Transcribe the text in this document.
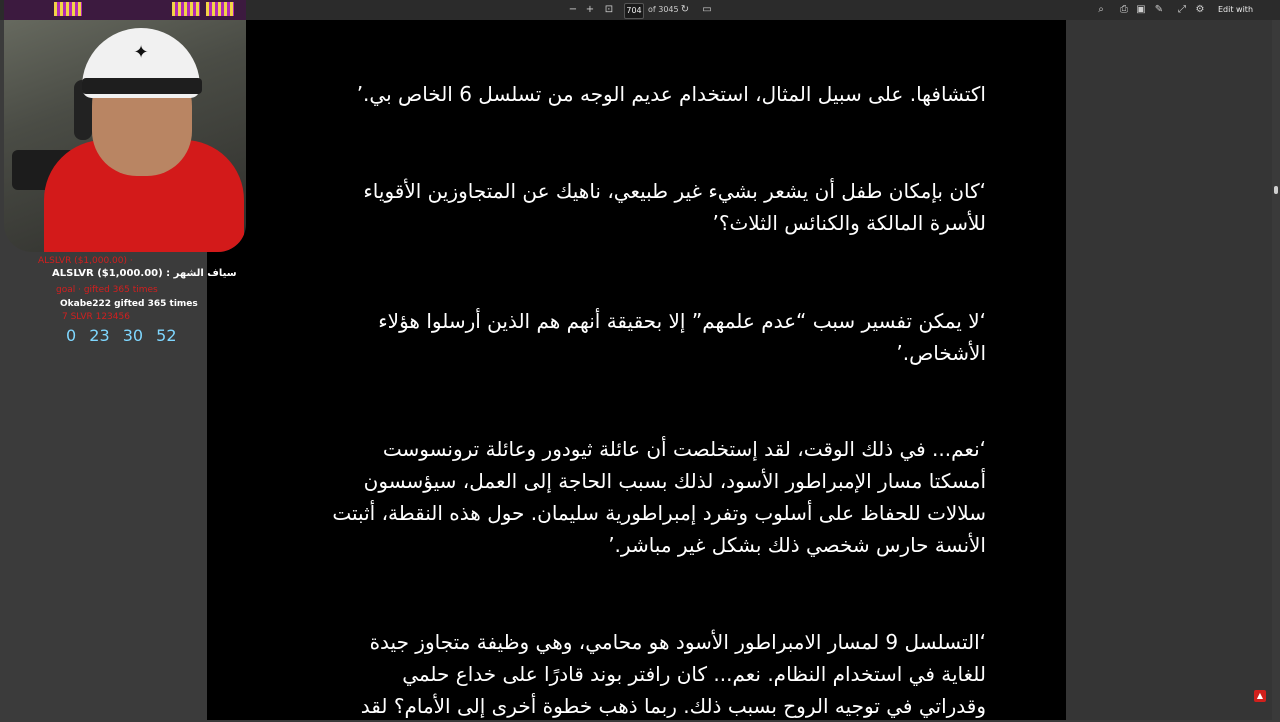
− + ⊡	704 of 3045 ↻ ▭	⌕	⎙ ▣ ✎	⤢ ⚙	Edit with
▲
اكتشافها. على سبيل المثال، استخدام عديم الوجه من تسلسل 6 الخاص بي.’
‘كان بإمكان طفل أن يشعر بشيء غير طبيعي، ناهيك عن المتجاوزين الأقوياء
للأسرة المالكة والكنائس الثلاث؟’
‘لا يمكن تفسير سبب “عدم علمهم” إلا بحقيقة أنهم هم الذين أرسلوا هؤلاء
الأشخاص.’
‘نعم... في ذلك الوقت، لقد إستخلصت أن عائلة ثيودور وعائلة ترونسوست
أمسكتا مسار الإمبراطور الأسود، لذلك بسبب الحاجة إلى العمل، سيؤسسون
سلالات للحفاظ على أسلوب وتفرد إمبراطورية سليمان. حول هذه النقطة، أثبتت
الأنسة حارس شخصي ذلك بشكل غير مباشر.’
‘التسلسل 9 لمسار الامبراطور الأسود هو محامي، وهي وظيفة متجاوز جيدة
للغاية في استخدام النظام. نعم... كان رافتر بوند قادرًا على خداع حلمي
وقدراتي في توجيه الروح بسبب ذلك. ربما ذهب خطوة أخرى إلى الأمام؟ لقد
✦
ALSLVR ($1,000.00) ·
ALSLVR ($1,000.00) : سياف الشهر
goal · gifted 365 times
Okabe222 gifted 365 times
7 SLVR 123456
0 23 30 52
